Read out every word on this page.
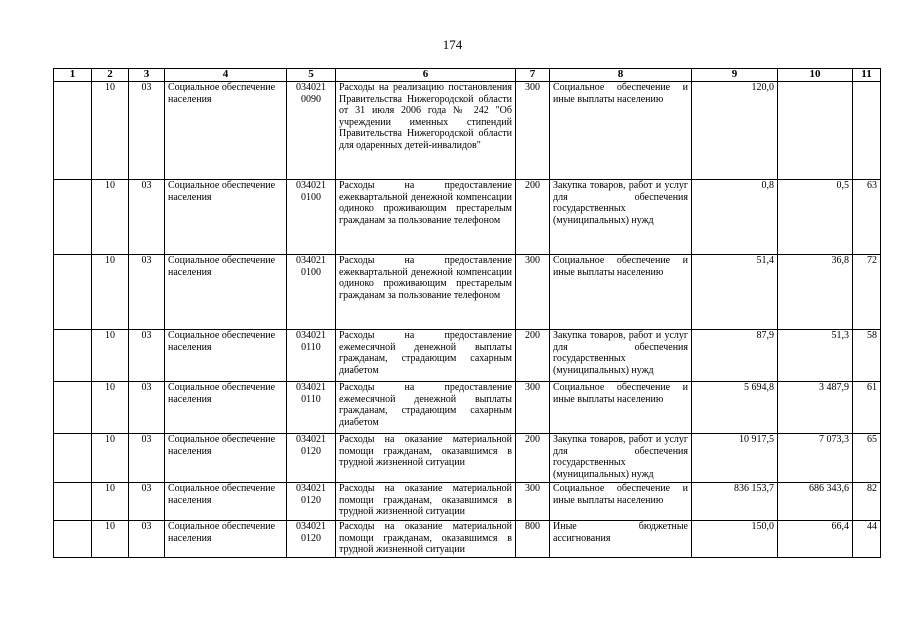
174
1	2	3	4	5	6	7	8	9	10	11
	10	03	Социальное обеспечение населения	034021 0090	Расходы на реализацию постановления Правительства Нижегородской области от 31 июля 2006 года № 242 "Об учреждении именных стипендий Правительства Нижегородской области для одаренных детей-инвалидов"	300	Социальное обеспечение и иные выплаты населению	120,0		
	10	03	Социальное обеспечение населения	034021 0100	Расходы на предоставление ежеквартальной денежной компенсации одиноко проживающим престарелым гражданам за пользование телефоном	200	Закупка товаров, работ и услуг для обеспечения государственных (муниципальных) нужд	0,8	0,5	63
	10	03	Социальное обеспечение населения	034021 0100	Расходы на предоставление ежеквартальной денежной компенсации одиноко проживающим престарелым гражданам за пользование телефоном	300	Социальное обеспечение и иные выплаты населению	51,4	36,8	72
	10	03	Социальное обеспечение населения	034021 0110	Расходы на предоставление ежемесячной денежной выплаты гражданам, страдающим сахарным диабетом	200	Закупка товаров, работ и услуг для обеспечения государственных (муниципальных) нужд	87,9	51,3	58
	10	03	Социальное обеспечение населения	034021 0110	Расходы на предоставление ежемесячной денежной выплаты гражданам, страдающим сахарным диабетом	300	Социальное обеспечение и иные выплаты населению	5 694,8	3 487,9	61
	10	03	Социальное обеспечение населения	034021 0120	Расходы на оказание материальной помощи гражданам, оказавшимся в трудной жизненной ситуации	200	Закупка товаров, работ и услуг для обеспечения государственных (муниципальных) нужд	10 917,5	7 073,3	65
	10	03	Социальное обеспечение населения	034021 0120	Расходы на оказание материальной помощи гражданам, оказавшимся в трудной жизненной ситуации	300	Социальное обеспечение и иные выплаты населению	836 153,7	686 343,6	82
	10	03	Социальное обеспечение населения	034021 0120	Расходы на оказание материальной помощи гражданам, оказавшимся в трудной жизненной ситуации	800	Иные бюджетные ассигнования	150,0	66,4	44
